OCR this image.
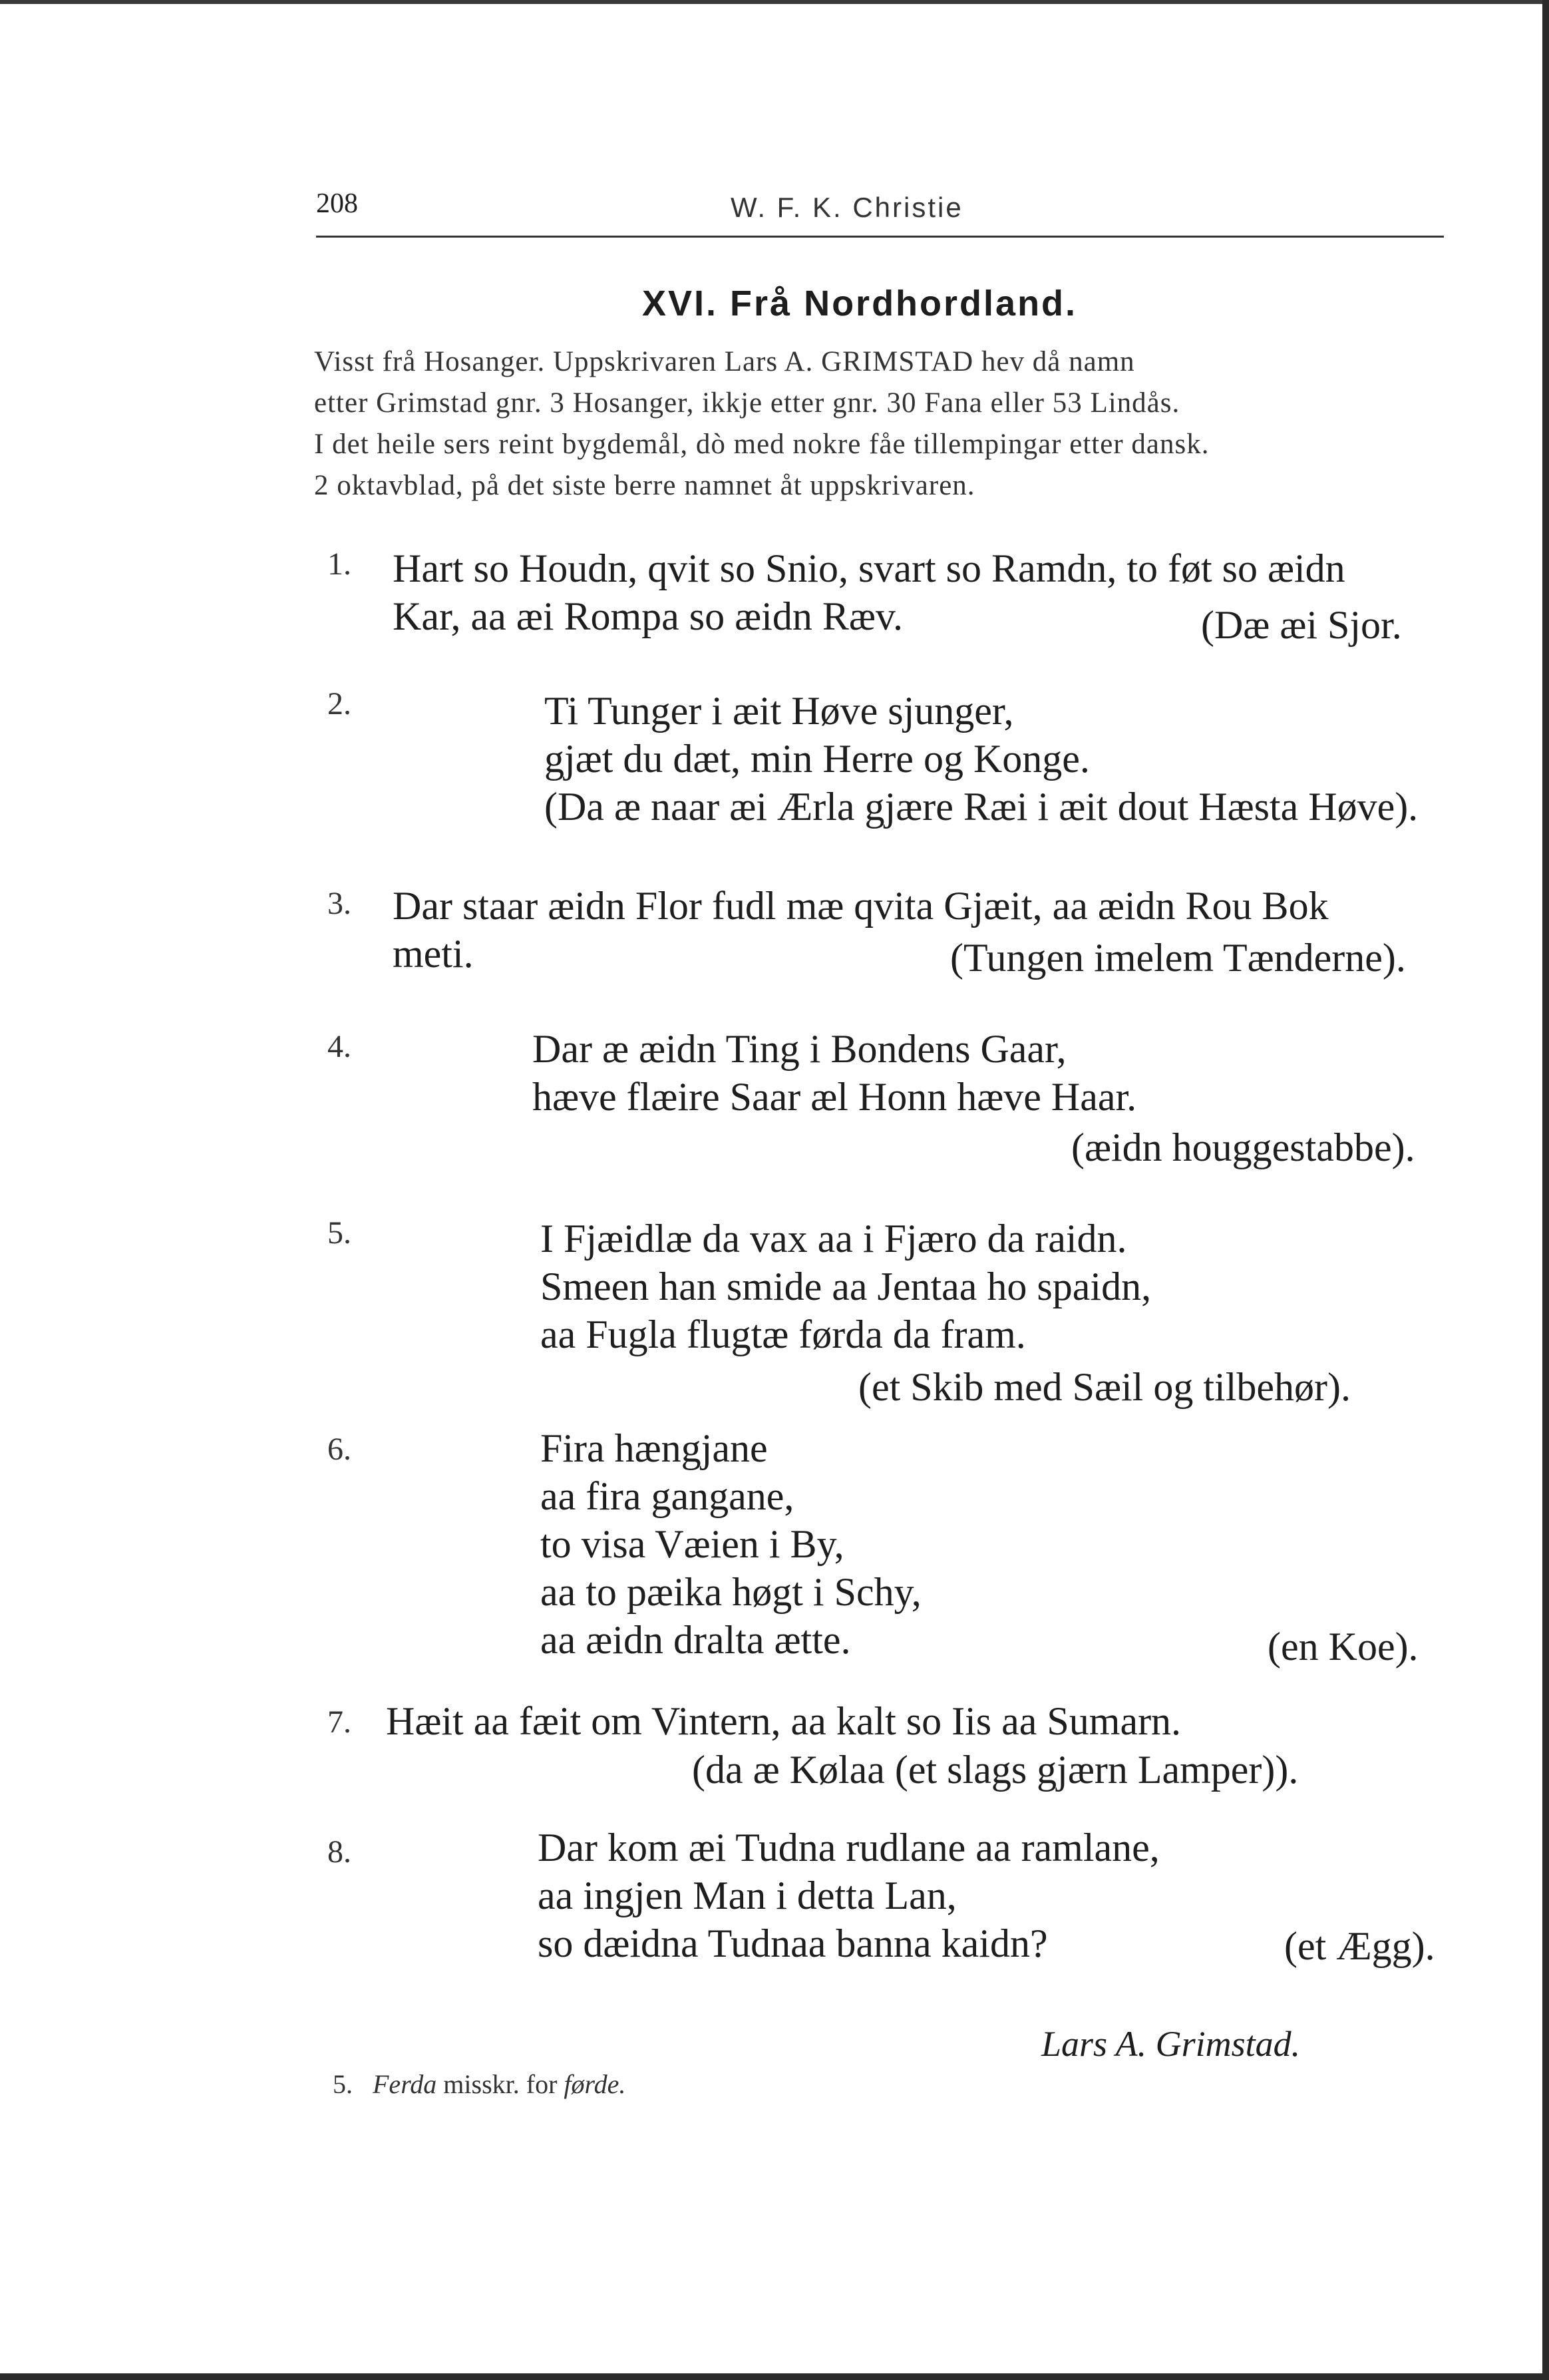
208	W. F. K. Christie
XVI. Frå Nordhordland.
Visst frå Hosanger. Uppskrivaren Lars A. GRIMSTAD hev då namn
etter Grimstad gnr. 3 Hosanger, ikkje etter gnr. 30 Fana eller 53 Lindås.
I det heile sers reint bygdemål, dò med nokre fåe tillempingar etter dansk.
2 oktavblad, på det siste berre namnet åt uppskrivaren.
1. Hart so Houdn, qvit so Snio, svart so Ramdn, to føt so æidn
Kar, aa æi Rompa so æidn Ræv.	(Dæ æi Sjor.
2.	Ti Tunger i æit Høve sjunger,
gjæt du dæt, min Herre og Konge.
(Da æ naar æi Ærla gjære Ræi i æit dout Hæsta Høve).
3. Dar staar æidn Flor fudl mæ qvita Gjæit, aa æidn Rou Bok
meti.	(Tungen imelem Tænderne).
4.	Dar æ æidn Ting i Bondens Gaar,
hæve flæire Saar æl Honn hæve Haar.
(æidn houggestabbe).
5.	I Fjæidlæ da vax aa i Fjæro da raidn.
Smeen han smide aa Jentaa ho spaidn,
aa Fugla flugtæ førda da fram.
(et Skib med Sæil og tilbehør).
6.	Fira hængjane
aa fira gangane,
to visa Væien i By,
aa to pæika høgt i Schy,
aa æidn dralta ætte.	(en Koe).
7. Hæit aa fæit om Vintern, aa kalt so Iis aa Sumarn.
(da æ Kølaa (et slags gjærn Lamper)).
8.	Dar kom æi Tudna rudlane aa ramlane,
aa ingjen Man i detta Lan,
so dæidna Tudnaa banna kaidn?	(et Ægg).
Lars A. Grimstad.
5. Ferda misskr. for førde.
